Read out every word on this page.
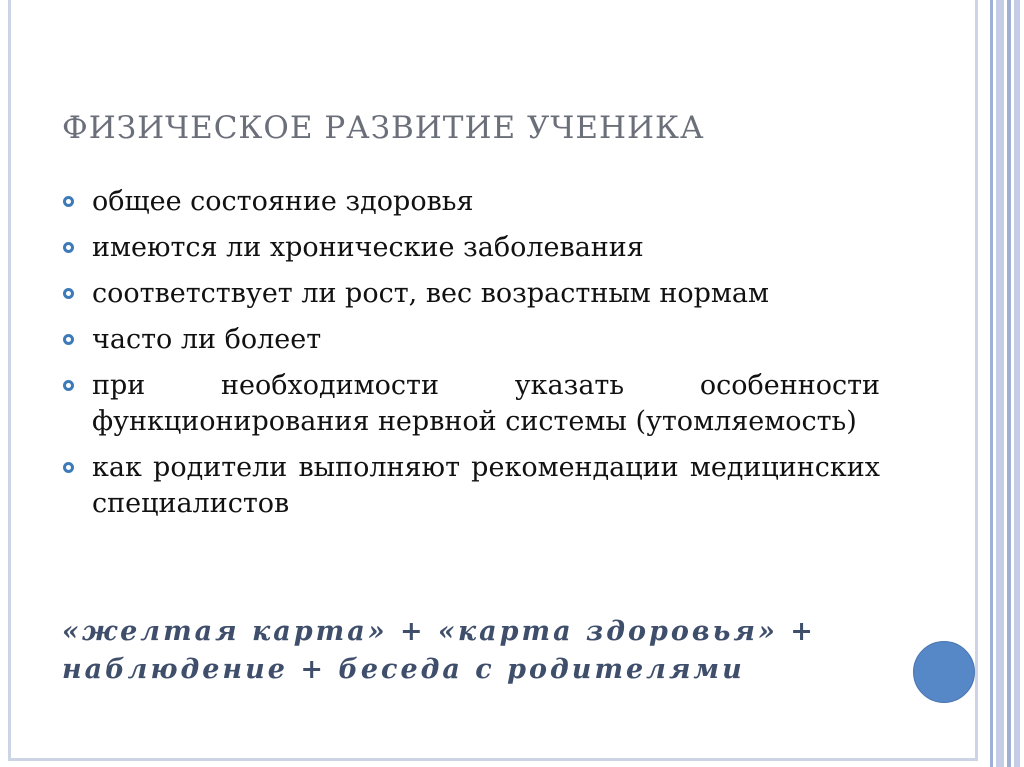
ФИЗИЧЕСКОЕ РАЗВИТИЕ УЧЕНИКА
общее состояние здоровья
имеются ли хронические заболевания
соответствует ли рост, вес возрастным нормам
часто ли болеет
при необходимости указать особенности функционирования нервной системы (утомляемость)
как родители выполняют рекомендации медицинских специалистов
«желтая карта» + «карта здоровья» +
наблюдение + беседа с родителями
